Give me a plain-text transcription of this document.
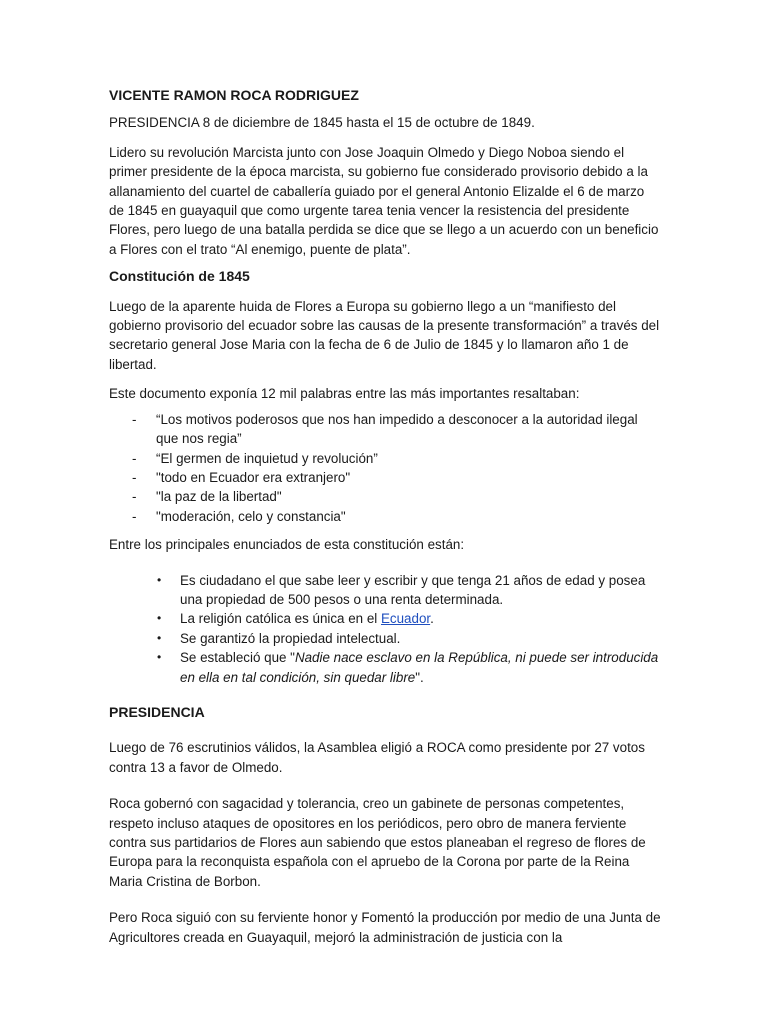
VICENTE RAMON ROCA RODRIGUEZ

PRESIDENCIA 8 de diciembre de 1845 hasta el 15 de octubre de 1849.

Lidero su revolución Marcista junto con Jose Joaquin Olmedo y Diego Noboa siendo el primer presidente de la época marcista, su gobierno fue considerado provisorio debido a la allanamiento del cuartel de caballería guiado por el general Antonio Elizalde el 6 de marzo de 1845 en guayaquil que como urgente tarea tenia vencer la resistencia del presidente Flores, pero luego de una batalla perdida se dice que se llego a un acuerdo con un beneficio a Flores con el trato “Al enemigo, puente de plata”.

Constitución de 1845

Luego de la aparente huida de Flores a Europa su gobierno llego a un “manifiesto del gobierno provisorio del ecuador sobre las causas de la presente transformación” a través del secretario general Jose Maria con la fecha de 6 de Julio de 1845 y lo llamaron año 1 de libertad.

Este documento exponía 12 mil palabras entre las más importantes resaltaban:

- “Los motivos poderosos que nos han impedido a desconocer a la autoridad ilegal que nos regia”
- “El germen de inquietud y revolución”
- "todo en Ecuador era extranjero"
- "la paz de la libertad"
- "moderación, celo y constancia"

Entre los principales enunciados de esta constitución están:

• Es ciudadano el que sabe leer y escribir y que tenga 21 años de edad y posea una propiedad de 500 pesos o una renta determinada.
• La religión católica es única en el Ecuador.
• Se garantizó la propiedad intelectual.
• Se estableció que "Nadie nace esclavo en la República, ni puede ser introducida en ella en tal condición, sin quedar libre".
PRESIDENCIA

Luego de 76 escrutinios válidos, la Asamblea eligió a ROCA como presidente por 27 votos contra 13 a favor de Olmedo.

Roca gobernó con sagacidad y tolerancia, creo un gabinete de personas competentes, respeto incluso ataques de opositores en los periódicos, pero obro de manera ferviente contra sus partidarios de Flores aun sabiendo que estos planeaban el regreso de flores de Europa para la reconquista española con el apruebo de la Corona por parte de la Reina Maria Cristina de Borbon.

Pero Roca siguió con su ferviente honor y Fomentó la producción por medio de una Junta de Agricultores creada en Guayaquil, mejoró la administración de justicia con la
